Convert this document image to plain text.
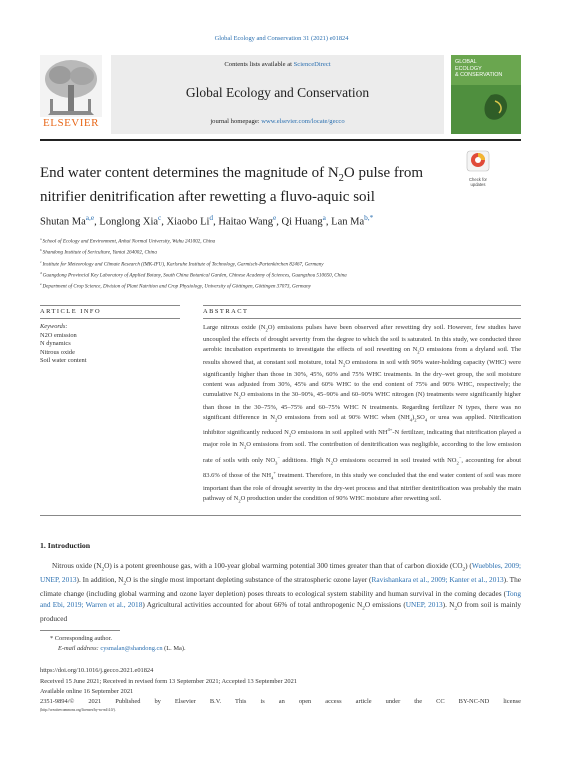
Global Ecology and Conservation 31 (2021) e01824
ELSEVIER
Contents lists available at ScienceDirect
Global Ecology and Conservation
journal homepage: www.elsevier.com/locate/gecco
GLOBAL
ECOLOGY
& CONSERVATION
End water content determines the magnitude of $N_2O$ pulse from
nitrifier denitrification after rewetting a fluvo-aquic soil
Check for
updates
Shutan Ma$^{a,e}$, Longlong Xia$^c$, Xiaobo Li$^d$, Haitao Wang$^e$, Qi Huang$^a$, Lan $Ma^{b,*}$
$^a$ School of Ecology and Environment, Anhui Normal University, Wuhu 241002, China
$^b$ Shandong Institute of Sericulture, Yantai 264002, China
$^c$ Institute for Meteorology and Climate Research (IMK-IFU), Karlsruhe Institute of Technology, Garmisch-Partenkirchen 82467, Germany
$^d$ Guangdong Provincial Key Laboratory of Applied Botany, South China Botanical Garden, Chinese Academy of Sciences, Guangzhou 510650, China
$^e$ Department of Crop Science, Division of Plant Nutrition and Crop Physiology, University of Göttingen, Göttingen 37073, Germany
ARTICLE INFO	ABSTRACT
Keywords:
N2O emission
N dynamics
Nitrous oxide
Soil water content
Large nitrous oxide $(N_2O)$ emissions pulses have been observed after rewetting dry soil. However, few studies have uncoupled the effects of drought severity from the degree to which the soil is saturated. In this study, we conducted three aerobic incubation experiments to investigate the effects of soil rewetting on $N_2O$ emissions from a dryland soil. The results showed that, at constant soil moisture, total $N_2O$ emissions in soil with 90% water-holding capacity (WHC) were significantly higher than those in 30%, 45%, 60% and 75% WHC treatments. In the dry–wet group, the soil moisture content was adjusted from 30%, 45% and 60% WHC to the end content of 75% and 90% WHC, respectively; the cumulative $N_2O$ emissions in the 30–90%, 45–90% and 60–90% WHC nitrogen (N) treatments were significantly higher than those in the 30–75%, 45–75% and 60–75% WHC N treatments. Regarding fertilizer N types, there was no significant difference in $N_2O$ emissions from soil at 90% WHC when $(NH_4)_2SO_4$ or urea was applied. Nitrification inhibitor significantly reduced $N_2O$ emissions in soil applied with $NH^{4+}-N$ fertilizer, indicating that nitrification played a major role in $N_2O$ emissions from soil. The contribution of denitrification was negligible, according to the low emission rate of soils with only $NO_3^-$ additions. High $N_2O$ emissions occurred in soil treated with $NO_2^-$, accounting for about 83.6% of those of the $NH_4^+$ treatment. Therefore, in this study we concluded that the end water content of soil was more important than the role of drought severity in the dry-wet process and that nitrifier denitrification was probably the main pathway of $N_2O$ production under the condition of 90% WHC moisture after rewetting soil.
1. Introduction
Nitrous oxide $(N_2O)$ is a potent greenhouse gas, with a 100-year global warming potential 300 times greater than that of carbon dioxide $(CO_2)$ (Wuebbles, 2009; UNEP, 2013). In addition, $N_2O$ is the single most important depleting substance of the stratospheric ozone layer (Ravishankara et al., 2009; Kanter et al., 2013). The climate change (including global warming and ozone layer depletion) poses threats to ecological system stability and human survival in the coming decades (Tong and Ebi, 2019; Warren et al., 2018) Agricultural activities accounted for about 66% of total anthropogenic $N_2O$ emissions (UNEP, 2013). $N_2O$ from soil is mainly produced
* Corresponding author.
E-mail address: cysmalan@shandong.cn (L. Ma).
https://doi.org/10.1016/j.gecco.2021.e01824
Received 15 June 2021; Received in revised form 13 September 2021; Accepted 13 September 2021
Available online 16 September 2021
2351-9894/© 2021 Published by Elsevier B.V. This is an open access article under the CC BY-NC-ND license
(http://creativecommons.org/licenses/by-nc-nd/4.0/).
